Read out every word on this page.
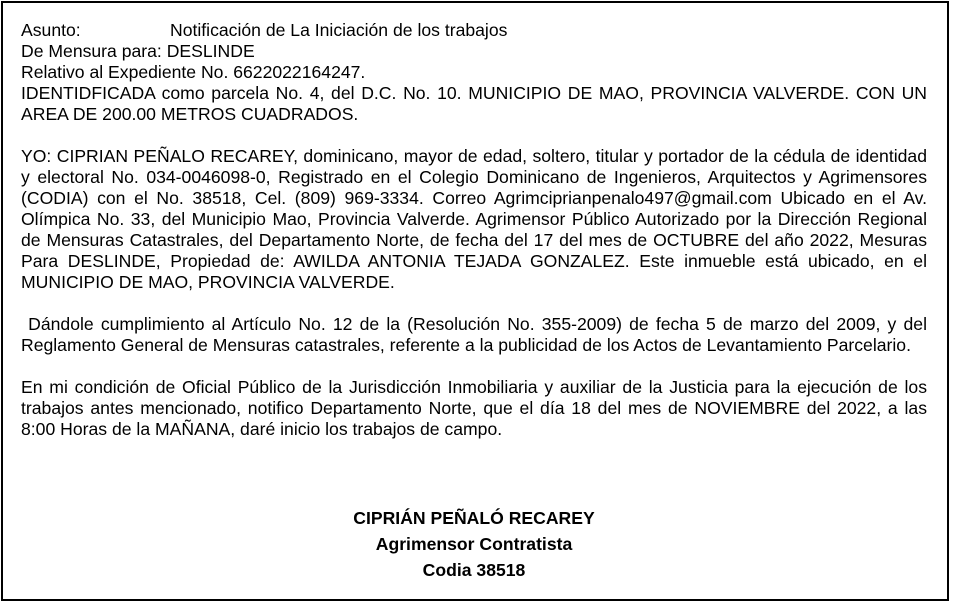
Asunto:	Notificación de La Iniciación de los trabajos
De Mensura para: DESLINDE
Relativo al Expediente No. 6622022164247.

IDENTIDFICADA como parcela No. 4, del D.C. No. 10. MUNICIPIO DE MAO, PROVINCIA VALVERDE. CON UN AREA DE 200.00 METROS CUADRADOS.

YO: CIPRIAN PEÑALO RECAREY, dominicano, mayor de edad, soltero, titular y portador de la cédula de identidad y electoral No. 034-0046098-0, Registrado en el Colegio Dominicano de Ingenieros, Arquitectos y Agrimensores (CODIA) con el No. 38518, Cel. (809) 969-3334. Correo Agrimciprianpenalo497@gmail.com Ubicado en el Av. Olímpica No. 33, del Municipio Mao, Provincia Valverde. Agrimensor Público Autorizado por la Dirección Regional de Mensuras Catastrales, del Departamento Norte, de fecha del 17 del mes de OCTUBRE del año 2022, Mesuras Para DESLINDE, Propiedad de: AWILDA ANTONIA TEJADA GONZALEZ. Este inmueble está ubicado, en el MUNICIPIO DE MAO, PROVINCIA VALVERDE.

Dándole cumplimiento al Artículo No. 12 de la (Resolución No. 355-2009) de fecha 5 de marzo del 2009, y del Reglamento General de Mensuras catastrales, referente a la publicidad de los Actos de Levantamiento Parcelario.

En mi condición de Oficial Público de la Jurisdicción Inmobiliaria y auxiliar de la Justicia para la ejecución de los trabajos antes mencionado, notifico Departamento Norte, que el día 18 del mes de NOVIEMBRE del 2022, a las 8:00 Horas de la MAÑANA, daré inicio los trabajos de campo.

CIPRIÁN PEÑALÓ RECAREY
Agrimensor Contratista
Codia 38518
